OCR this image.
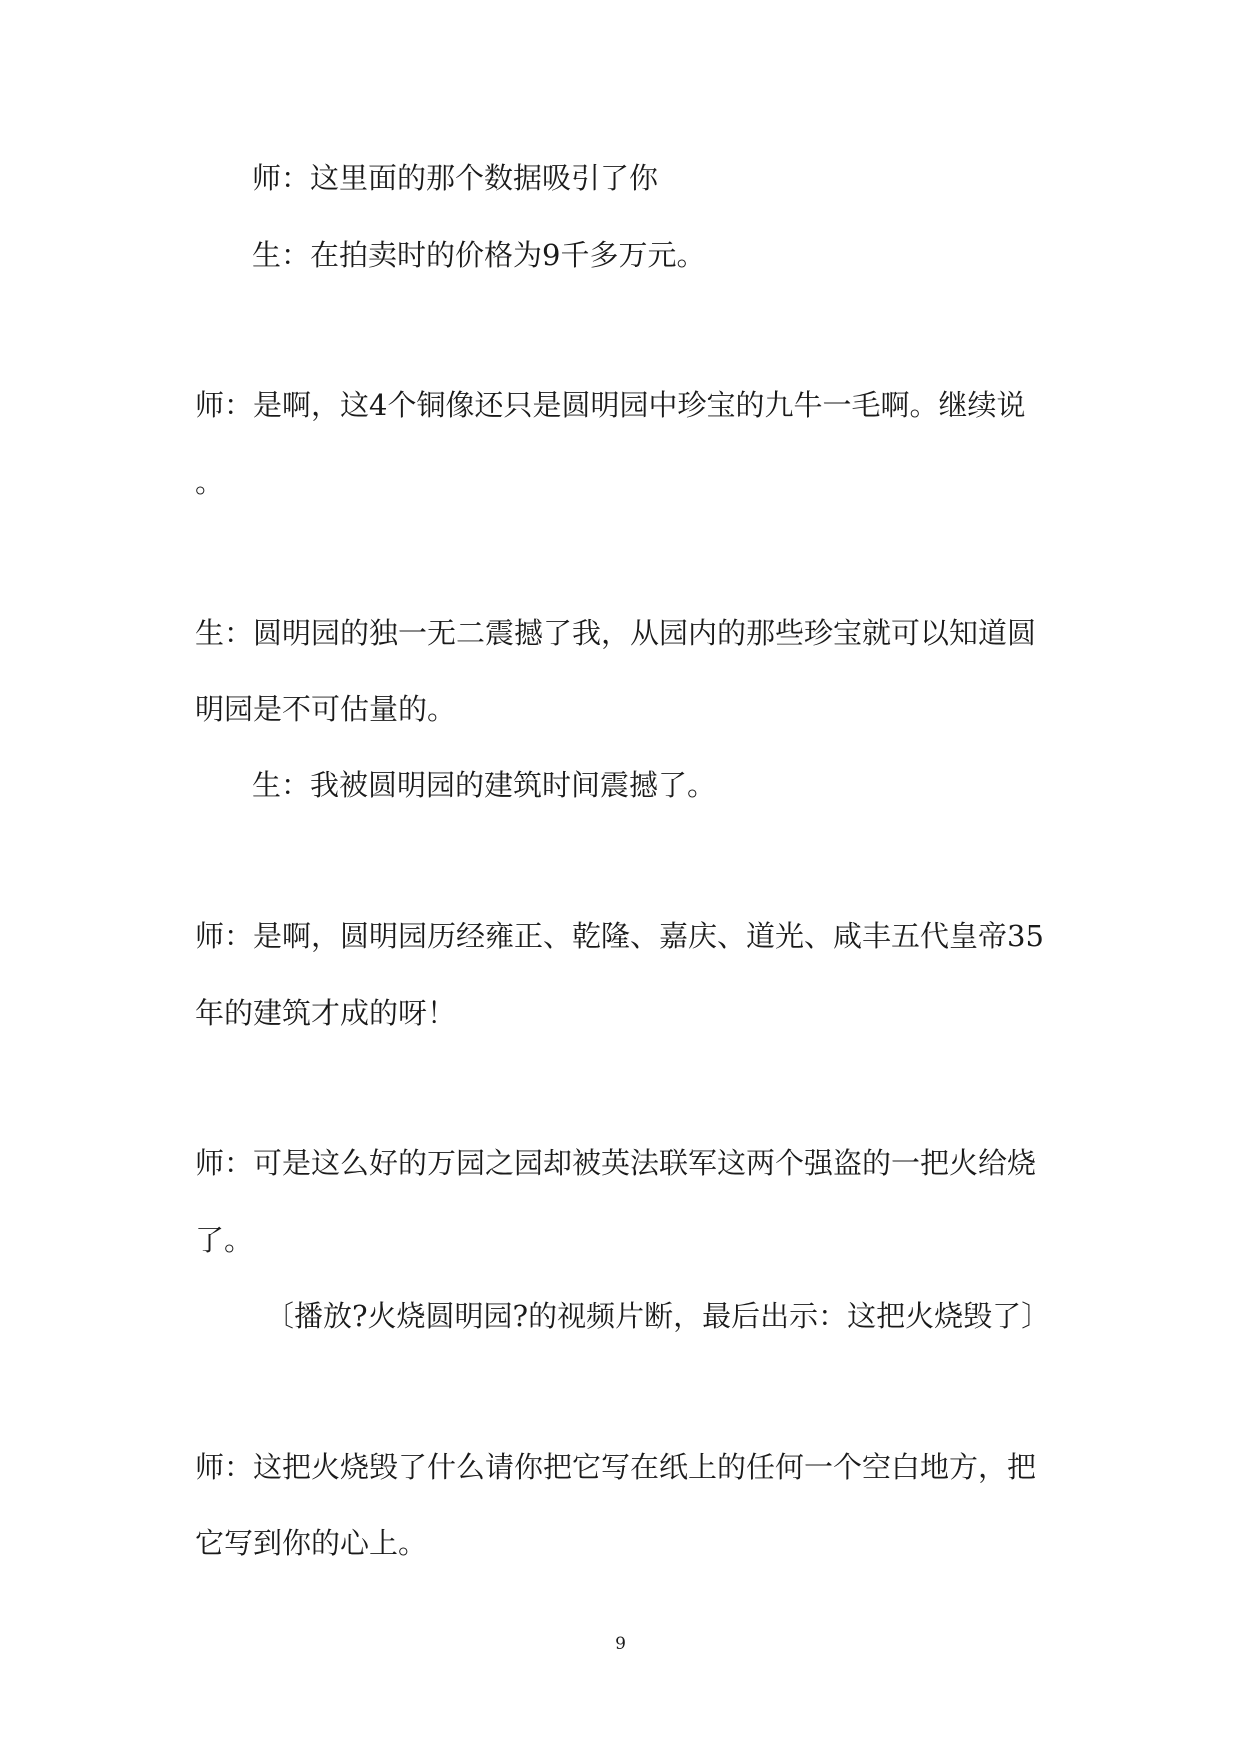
师：这里面的那个数据吸引了你
生：在拍卖时的价格为9千多万元。
师：是啊，这4个铜像还只是圆明园中珍宝的九牛一毛啊。继续说
。
生：圆明园的独一无二震撼了我，从园内的那些珍宝就可以知道圆
明园是不可估量的。
生：我被圆明园的建筑时间震撼了。
师：是啊，圆明园历经雍正、乾隆、嘉庆、道光、咸丰五代皇帝35
年的建筑才成的呀！
师：可是这么好的万园之园却被英法联军这两个强盗的一把火给烧
了。
〔播放?火烧圆明园?的视频片断，最后出示：这把火烧毁了〕
师：这把火烧毁了什么请你把它写在纸上的任何一个空白地方，把
它写到你的心上。
9
